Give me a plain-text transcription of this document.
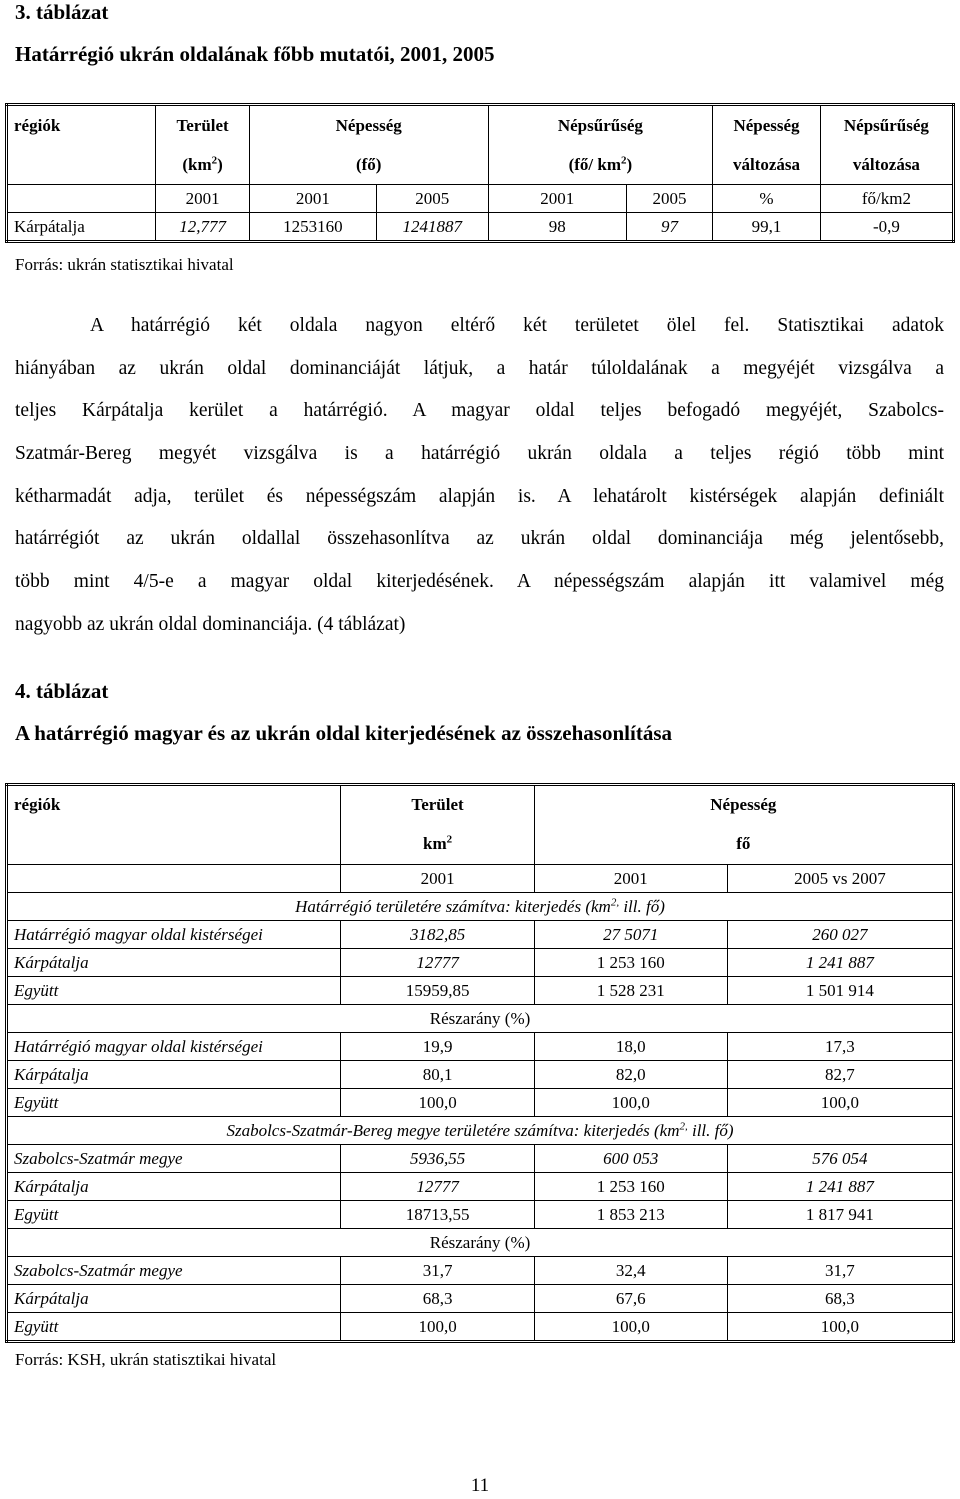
3. táblázat
Határrégió ukrán oldalának főbb mutatói, 2001, 2005
régiók	Terület	Népesség		Népsűrűség		Népesség	Népsűrűség
	$(km^2)$	(fő)		(fő/ $km^2$)		változása	változása
	2001	2001	2005	2001	2005	%	fő/km2
Kárpátalja	12,777	1253160	1241887	98	97	99,1	-0,9
Forrás: ukrán statisztikai hivatal
A határrégió két oldala nagyon eltérő két területet ölel fel. Statisztikai adatok
hiányában az ukrán oldal dominanciáját látjuk, a határ túloldalának a megyéjét vizsgálva a
teljes Kárpátalja kerület a határrégió. A magyar oldal teljes befogadó megyéjét, Szabolcs-
Szatmár-Bereg megyét vizsgálva is a határrégió ukrán oldala a teljes régió több mint
kétharmadát adja, terület és népességszám alapján is. A lehatárolt kistérségek alapján definiált
határrégiót az ukrán oldallal összehasonlítva az ukrán oldal dominanciája még jelentősebb,
több mint 4/5-e a magyar oldal kiterjedésének. A népességszám alapján itt valamivel még
nagyobb az ukrán oldal dominanciája. (4 táblázat)
4. táblázat
A határrégió magyar és az ukrán oldal kiterjedésének az összehasonlítása
régiók	Terület	Népesség	
	$km^2$	fő	
	2001	2001	2005 vs 2007
Határrégió területére számítva: kiterjedés ($km^{2,}$ ill. fő)			
Határrégió magyar oldal kistérségei	3182,85	27 5071	260 027
Kárpátalja	12777	1 253 160	1 241 887
Együtt	15959,85	1 528 231	1 501 914
Részarány (%)			
Határrégió magyar oldal kistérségei	19,9	18,0	17,3
Kárpátalja	80,1	82,0	82,7
Együtt	100,0	100,0	100,0
Szabolcs-Szatmár-Bereg megye területére számítva: kiterjedés ($km^{2,}$ ill. fő)			
Szabolcs-Szatmár megye	5936,55	600 053	576 054
Kárpátalja	12777	1 253 160	1 241 887
Együtt	18713,55	1 853 213	1 817 941
Részarány (%)			
Szabolcs-Szatmár megye	31,7	32,4	31,7
Kárpátalja	68,3	67,6	68,3
Együtt	100,0	100,0	100,0
Forrás: KSH, ukrán statisztikai hivatal
11
